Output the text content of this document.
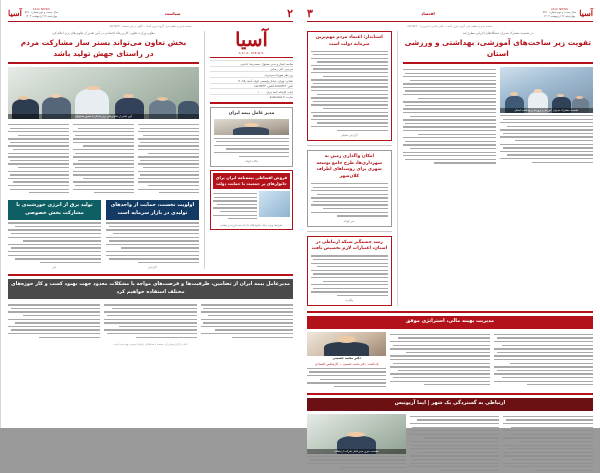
آسیا
ASIA NEWS
سال بیست و دوم شماره ۵۶۲۰
چهارشنبه ۲۶ اردیبهشت ۱۴۰۳
اقتصاد
۳
صفحه بندی و تنظیم خبر: گروه خبری آسیا — تلفن تماس با تحریریه: ۸۸۷۶۵۴۳۰
در نشست مشترک مدیران دستگاه‌های اجرایی مطرح شد
تقویت زیر ساخت‌های آموزشی، بهداشتی و ورزشی استان
نشست مشترک مدیران آموزش و پرورش و بهداشت استان
استاندار: اعتماد مردم مهم‌ترین سرمایه دولت است
گزارش تحلیلی
امکان واگذاری زمین به شهرداری‌ها، طرح جامع توسعه شهری برای روستاهای اطراف کلان‌شهر
خبر کوتاه
رشد چشمگیر شبکه ارتباطی در استان، اعتبارات لازم تخصیص یافت
پیگیری
مدیریت بهینه مالی، استراتژی موفق
دکتر محمد حسینی
یادداشت: دکتر محمد حسینی — کارشناس اقتصادی
ارتباطی به گستردگی یک شهر | ایما آریوتیس
نشست خبری مدیرعامل شرکت ارتباطات
۲
سیاست
ASIA NEWS
سال بیست و دوم شماره ۵۶۲۰
چهارشنبه ۲۶ اردیبهشت ۱۴۰۳
آسیا
صفحه بندی و تنظیم خبر: گروه خبری آسیا — آگهی در این صفحه: ۸۸۷۶۵۴۳۱
آسیا
ASIA NEWS
صاحب امتیاز و مدیر مسئول: محمدرضا عابدینی
سردبیر: علی رضایی
زیر نظر شورای سردبیری
نشانی: تهران، خیابان ولیعصر، کوچه آسیا، پلاک ۱۲
تلفن: ۸۸۷۶۵۴۳۲ فکس: ۸۸۷۶۵۴۳۳
چاپ: چاپخانه آسیا تیراژ: ۱۰۰۰۰
سایت: asianews.ir
مدیر عامل بیمه ایران
نکات کوتاه
فروش اقساطی بیمه‌نامه ایران برای خانوارهای پر جمعیت با حمایت دولت
شرایط ویژه برای خانوارهای دارای سه فرزند و بیشتر
معاون وزارت تعاون، کار و رفاه اجتماعی در آیین تقدیر از تعاونی‌های برتر اعلام کرد
بخش تعاون می‌تواند بستر ساز مشارکت مردم
در راستای جهش تولید باشد
آیین تقدیر از تعاونی‌های برتر استان با حضور مسئولان
اولویت نخست، حمایت از واحدهای تولیدی در بازار سرمایه است
گزارش
تولید برق از انرژی خورشیدی با مشارکت بخش خصوصی
خبر
مدیرعامل بیمه ایران از تضامین‌، ظرفیت‌ها و فرصت‌های مواجه با مشکلات معدود جهت بهبود کسب و کار حوزه‌های مختلف استفاده خواهیم کرد
اخبار و گزارش‌های این صفحه با هماهنگی روابط عمومی تهیه شده است
